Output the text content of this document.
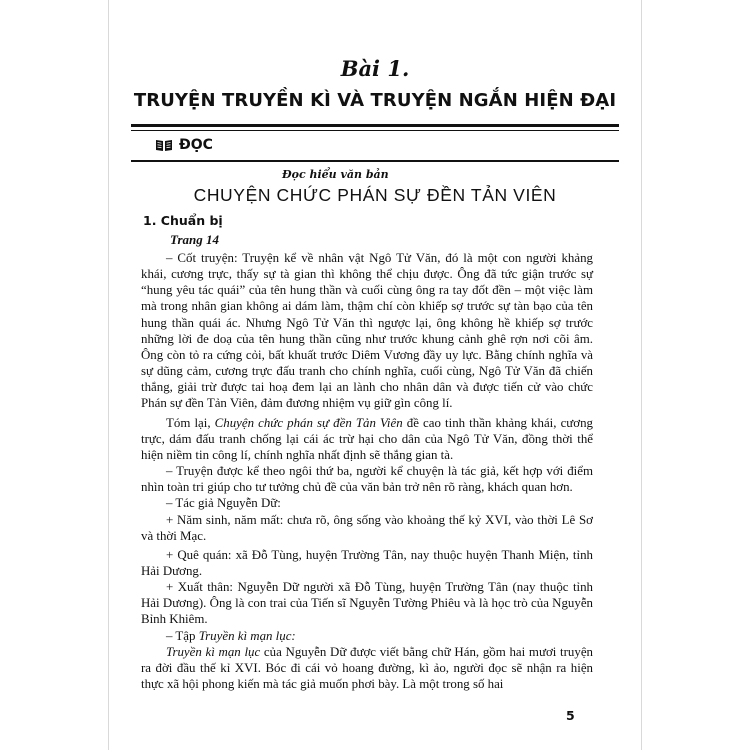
Bài 1.
TRUYỆN TRUYỀN KÌ VÀ TRUYỆN NGẮN HIỆN ĐẠI
ĐỌC
Đọc hiểu văn bản
CHUYỆN CHỨC PHÁN SỰ ĐỀN TẢN VIÊN
1. Chuẩn bị
Trang 14

– Cốt truyện: Truyện kể về nhân vật Ngô Tử Văn, đó là một con người khảng khái, cương trực, thấy sự tà gian thì không thể chịu được. Ông đã tức giận trước sự “hung yêu tác quái” của tên hung thần và cuối cùng ông ra tay đốt đền – một việc làm mà trong nhân gian không ai dám làm, thậm chí còn khiếp sợ trước sự tàn bạo của tên hung thần quái ác. Nhưng Ngô Tử Văn thì ngược lại, ông không hề khiếp sợ trước những lời đe doạ của tên hung thần cũng như trước khung cảnh ghê rợn nơi cõi âm. Ông còn tỏ ra cứng cỏi, bất khuất trước Diêm Vương đầy uy lực. Bằng chính nghĩa và sự dũng cảm, cương trực đấu tranh cho chính nghĩa, cuối cùng, Ngô Tử Văn đã chiến thắng, giải trừ được tai hoạ đem lại an lành cho nhân dân và được tiến cử vào chức Phán sự đền Tản Viên, đảm đương nhiệm vụ giữ gìn công lí.

Tóm lại, Chuyện chức phán sự đền Tản Viên đề cao tinh thần khảng khái, cương trực, dám đấu tranh chống lại cái ác trừ hại cho dân của Ngô Tử Văn, đồng thời thể hiện niềm tin công lí, chính nghĩa nhất định sẽ thắng gian tà.

– Truyện được kể theo ngôi thứ ba, người kể chuyện là tác giả, kết hợp với điểm nhìn toàn tri giúp cho tư tưởng chủ đề của văn bản trở nên rõ ràng, khách quan hơn.

– Tác giả Nguyễn Dữ:

+ Năm sinh, năm mất: chưa rõ, ông sống vào khoảng thế kỷ XVI, vào thời Lê Sơ và thời Mạc.

+ Quê quán: xã Đỗ Tùng, huyện Trường Tân, nay thuộc huyện Thanh Miện, tỉnh Hải Dương.

+ Xuất thân: Nguyễn Dữ người xã Đỗ Tùng, huyện Trường Tân (nay thuộc tỉnh Hải Dương). Ông là con trai của Tiến sĩ Nguyễn Tường Phiêu và là học trò của Nguyễn Bỉnh Khiêm.

– Tập Truyền kì mạn lục:

Truyền kì mạn lục của Nguyễn Dữ được viết bằng chữ Hán, gồm hai mươi truyện ra đời đầu thế kỉ XVI. Bóc đi cái vỏ hoang đường, kì ảo, người đọc sẽ nhận ra hiện thực xã hội phong kiến mà tác giả muốn phơi bày. Là một trong số hai

5
